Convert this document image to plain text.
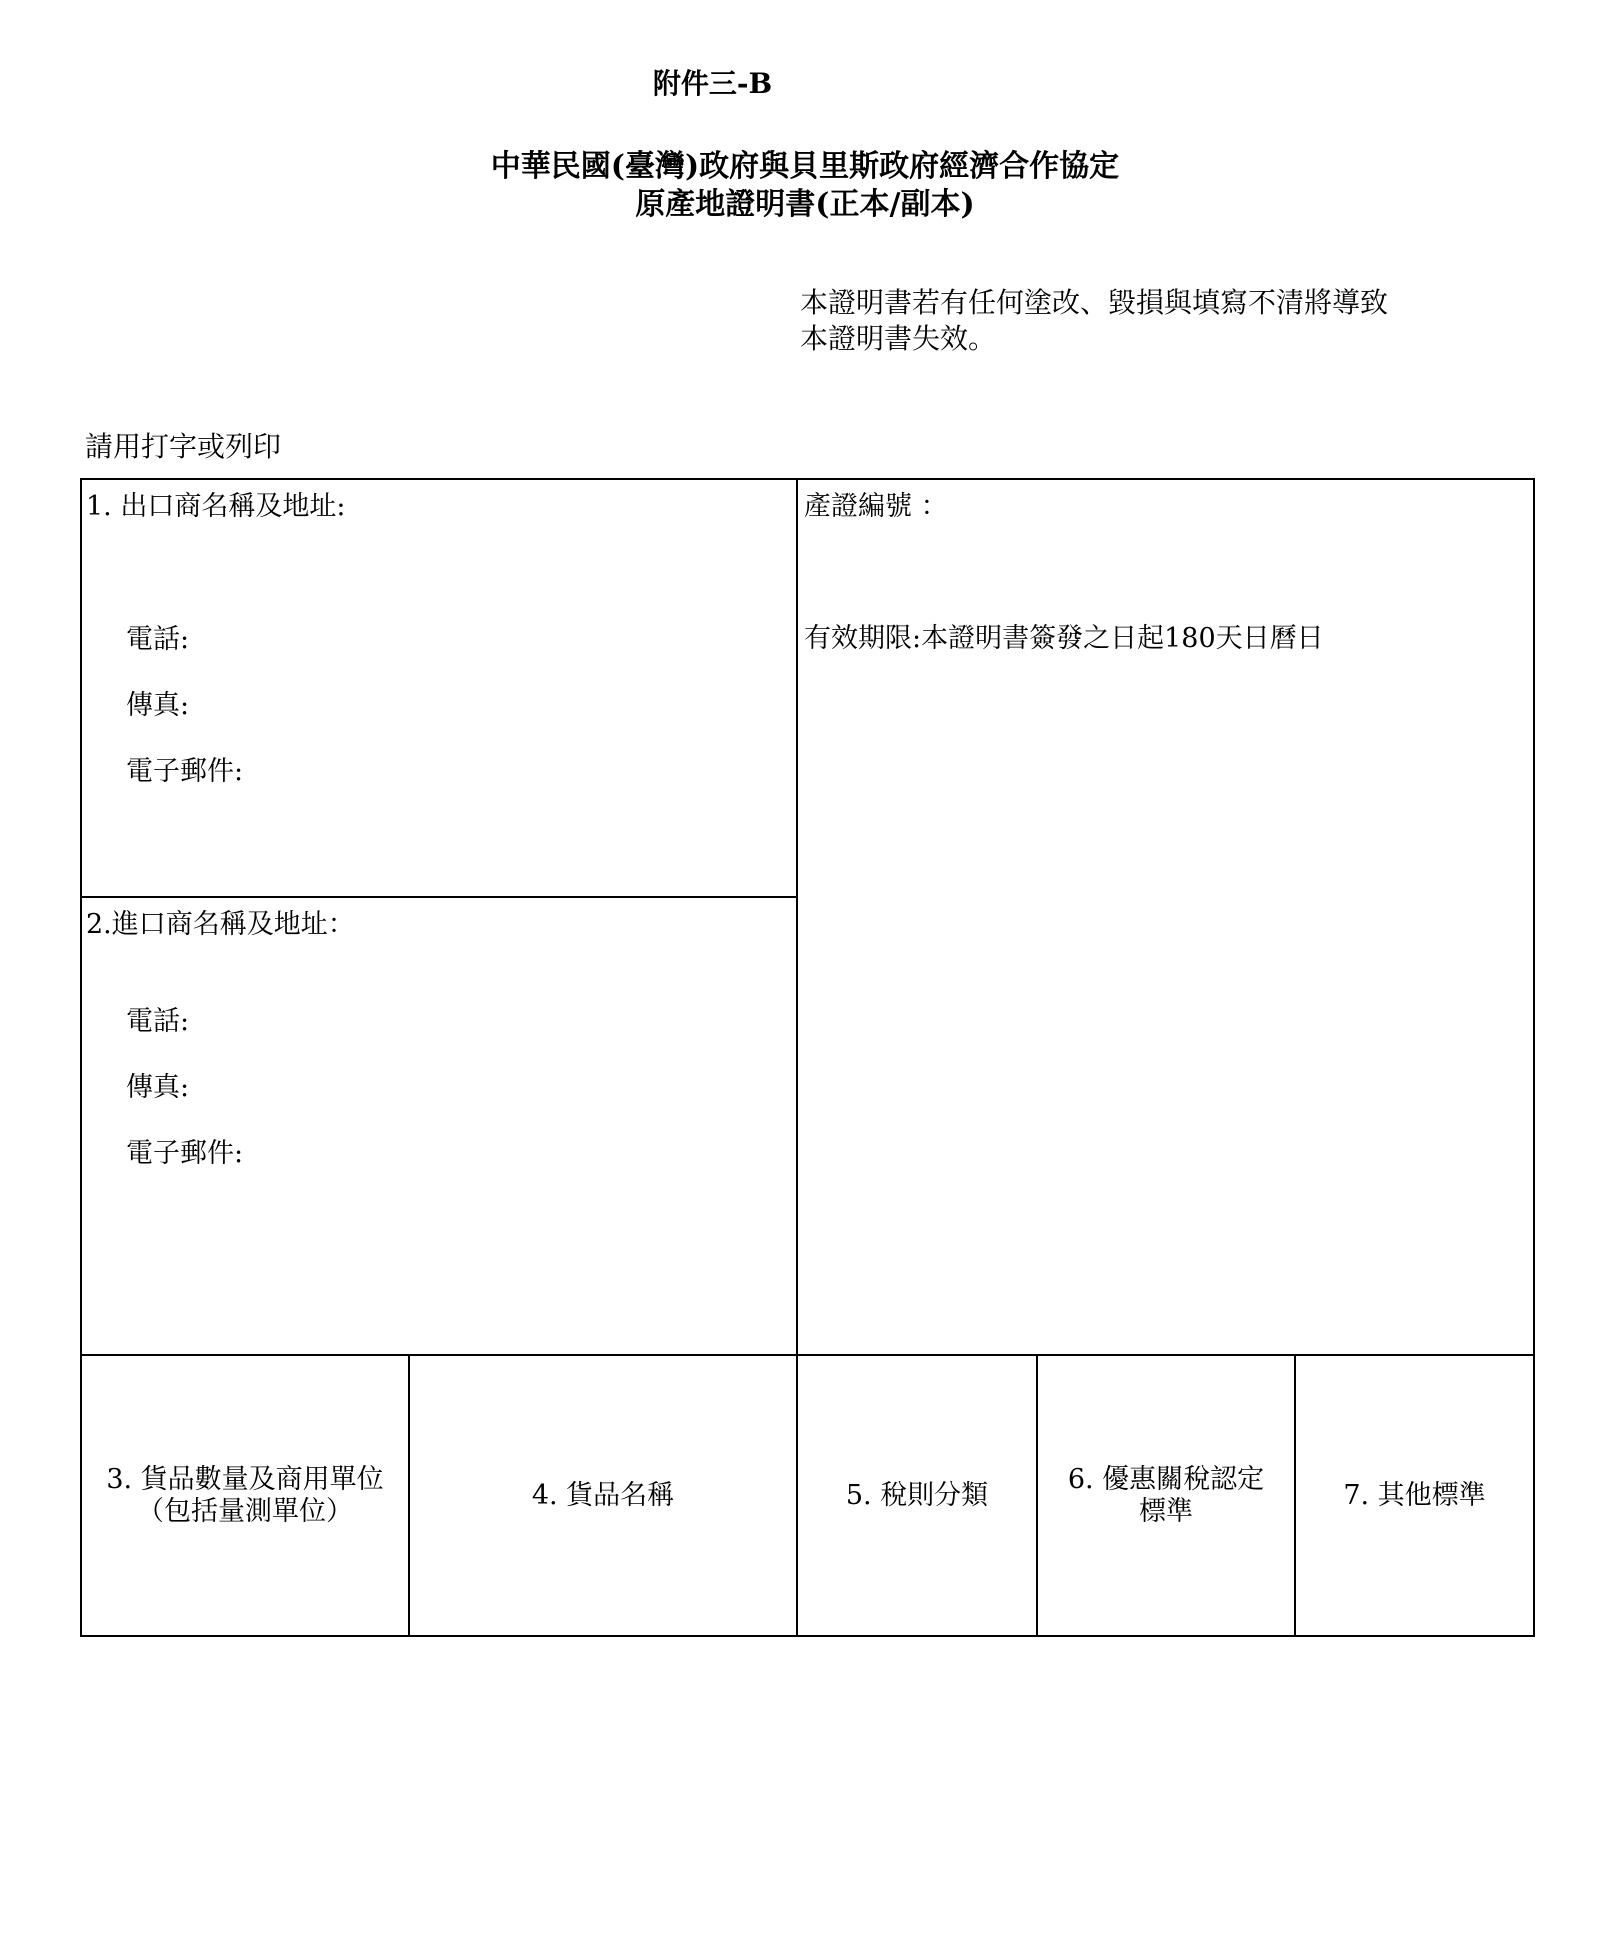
附件三-B
中華民國(臺灣)政府與貝里斯政府經濟合作協定
原產地證明書(正本/副本)
本證明書若有任何塗改、毀損與填寫不清將導致
本證明書失效。
請用打字或列印
1. 出口商名稱及地址:
電話:
傳真:
電子郵件:
2.進口商名稱及地址：
電話:
傳真:
電子郵件:
產證編號 ：
有效期限:本證明書簽發之日起180天日曆日
3. 貨品數量及商用單位
（包括量測單位）
4. 貨品名稱	5. 稅則分類
6. 優惠關稅認定
標準
7. 其他標準
